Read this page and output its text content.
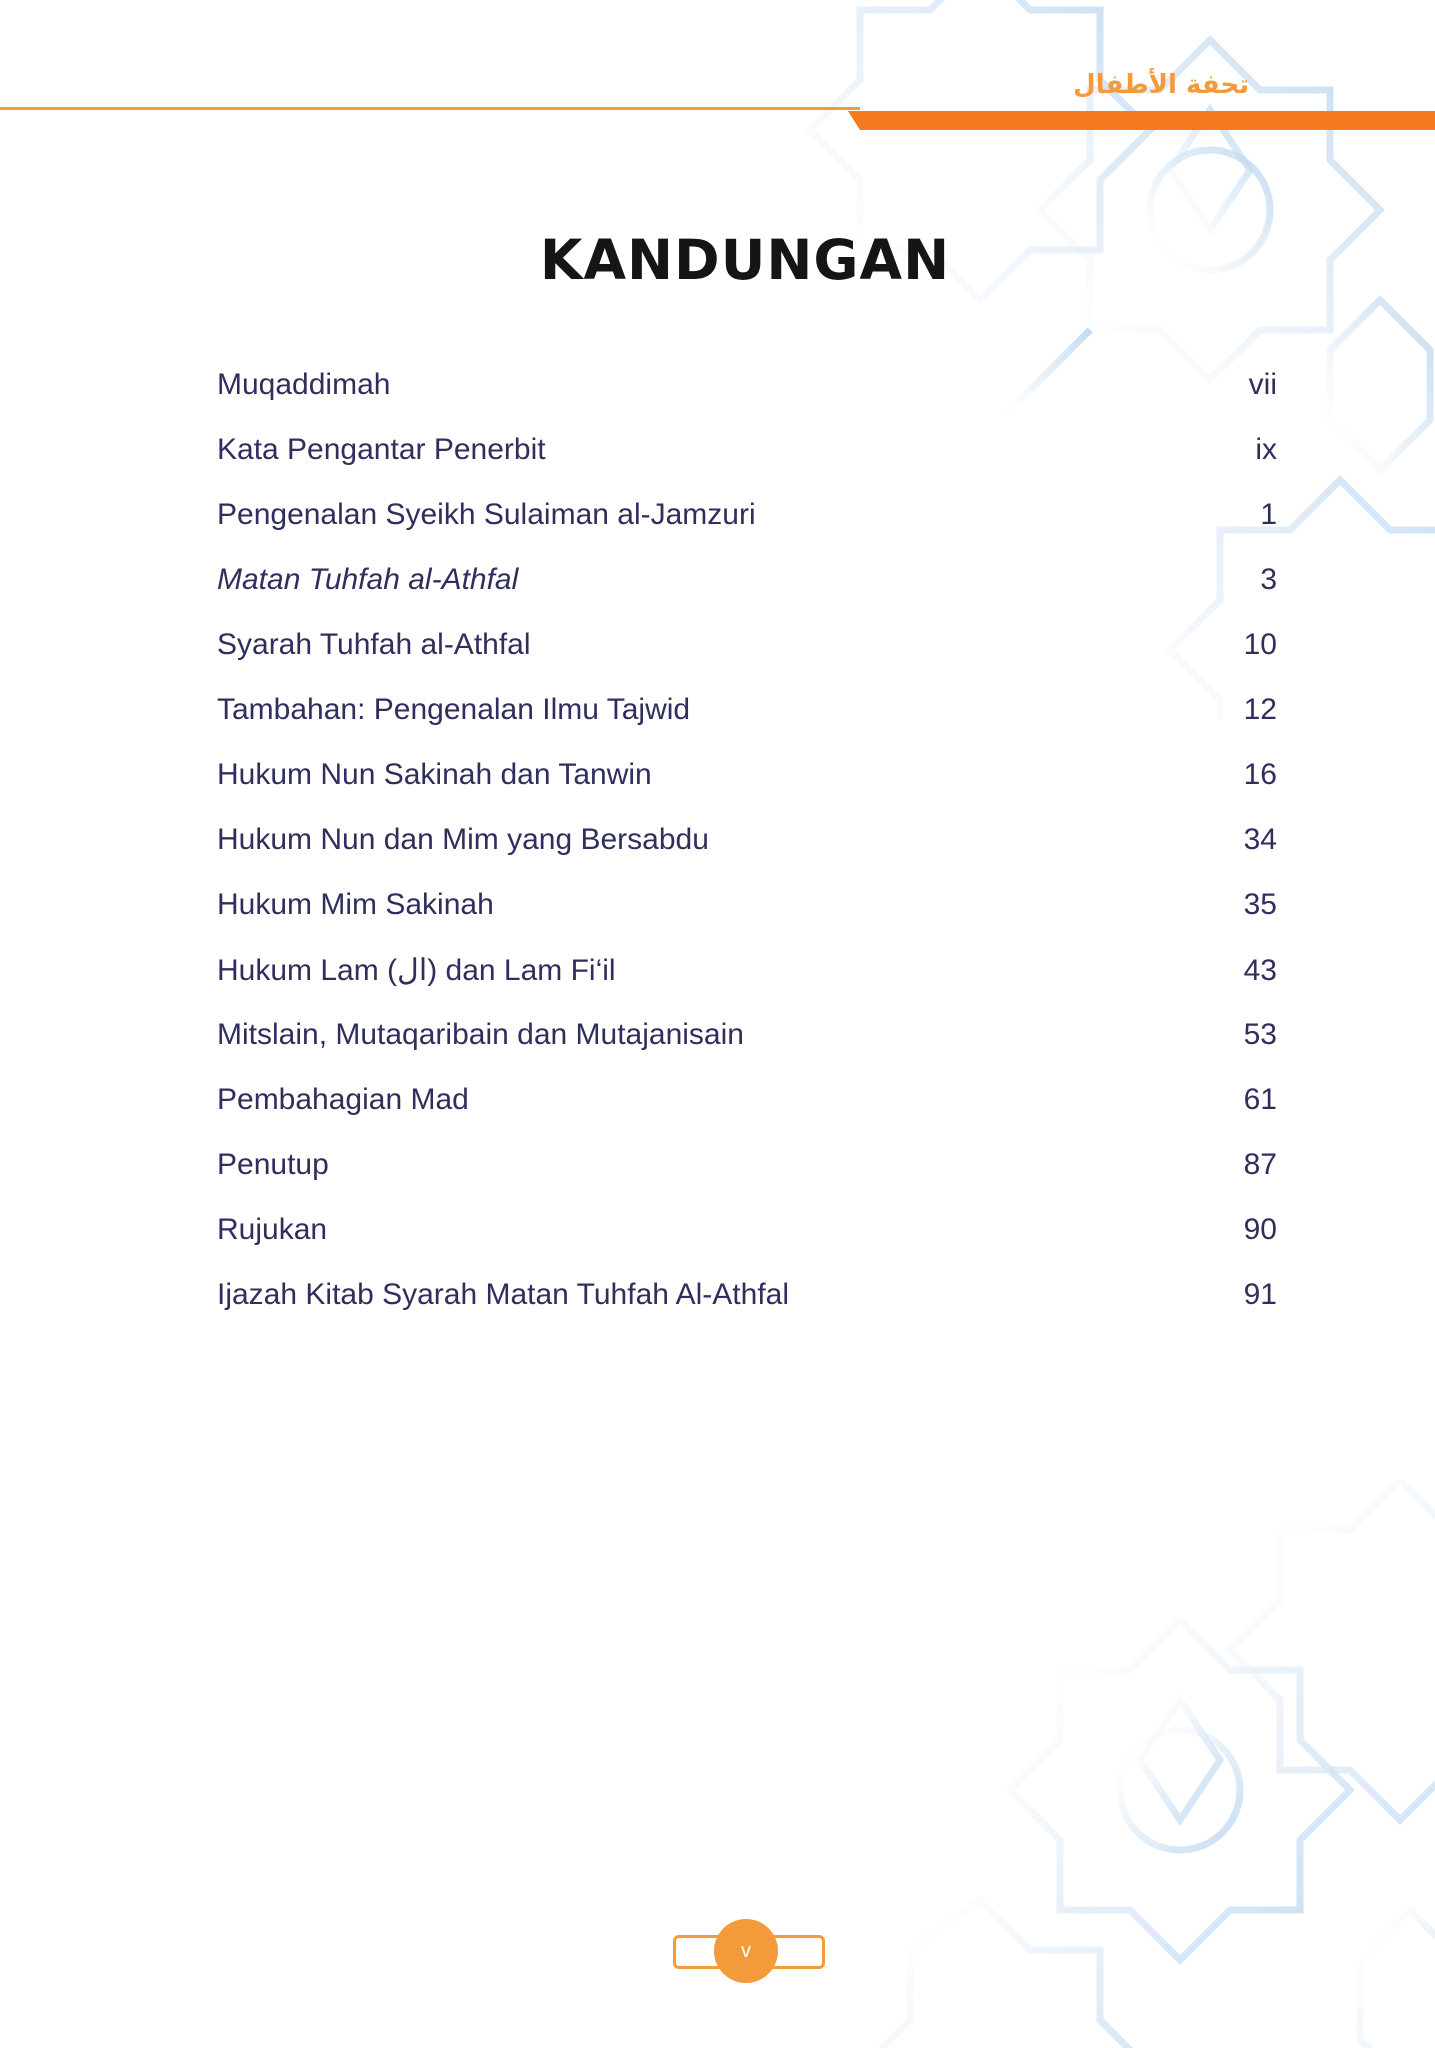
تحفة الأطفال
KANDUNGAN
Muqaddimah	vii
Kata Pengantar Penerbit	ix
Pengenalan Syeikh Sulaiman al-Jamzuri	1
Matan Tuhfah al-Athfal	3
Syarah Tuhfah al-Athfal	10
Tambahan: Pengenalan Ilmu Tajwid	12
Hukum Nun Sakinah dan Tanwin	16
Hukum Nun dan Mim yang Bersabdu	34
Hukum Mim Sakinah	35
Hukum Lam (ال) dan Lam Fi‘il	43
Mitslain, Mutaqaribain dan Mutajanisain	53
Pembahagian Mad	61
Penutup	87
Rujukan	90
Ijazah Kitab Syarah Matan Tuhfah Al-Athfal	91
v
